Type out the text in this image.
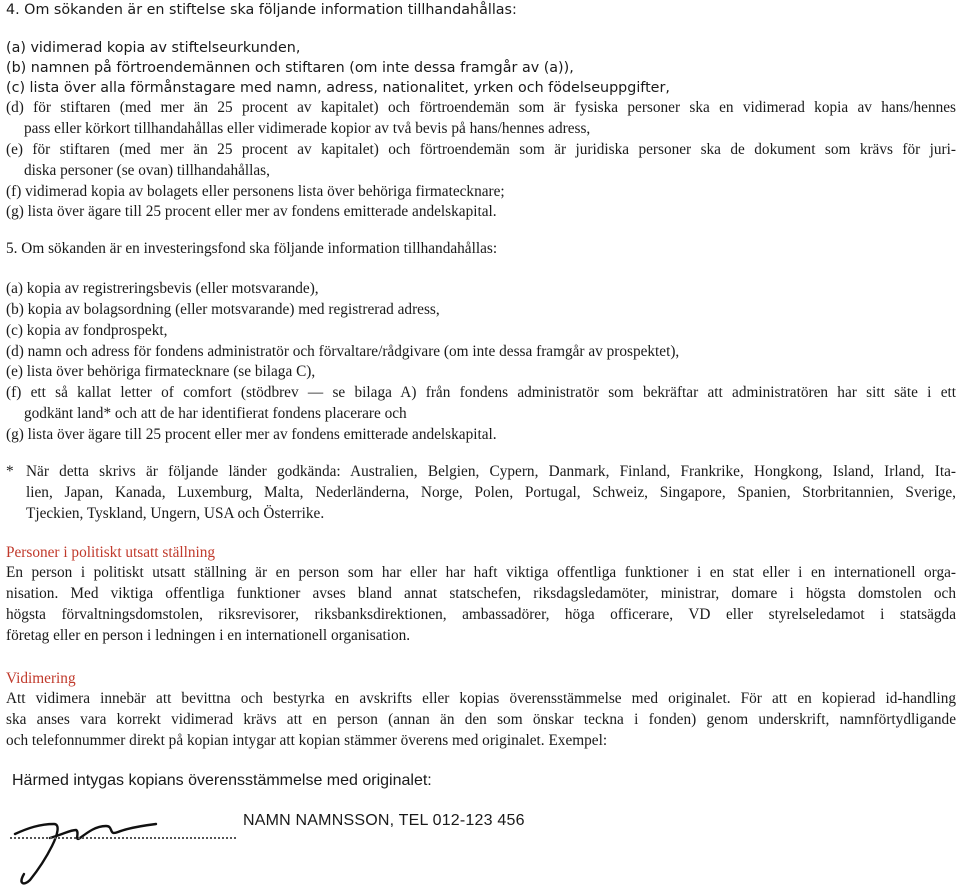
4. Om sökanden är en stiftelse ska följande information tillhandahållas:
(a) vidimerad kopia av stiftelseurkunden,
(b) namnen på förtroendemännen och stiftaren (om inte dessa framgår av (a)),
(c) lista över alla förmånstagare med namn, adress, nationalitet, yrken och födelseuppgifter,
(d) för stiftaren (med mer än 25 procent av kapitalet) och förtroendemän som är fysiska personer ska en vidimerad kopia av hans/hennes
pass eller körkort tillhandahållas eller vidimerade kopior av två bevis på hans/hennes adress,
(e) för stiftaren (med mer än 25 procent av kapitalet) och förtroendemän som är juridiska personer ska de dokument som krävs för juri-
diska personer (se ovan) tillhandahållas,
(f) vidimerad kopia av bolagets eller personens lista över behöriga firmatecknare;
(g) lista över ägare till 25 procent eller mer av fondens emitterade andelskapital.
5. Om sökanden är en investeringsfond ska följande information tillhandahållas:
(a) kopia av registreringsbevis (eller motsvarande),
(b) kopia av bolagsordning (eller motsvarande) med registrerad adress,
(c) kopia av fondprospekt,
(d) namn och adress för fondens administratör och förvaltare/rådgivare (om inte dessa framgår av prospektet),
(e) lista över behöriga firmatecknare (se bilaga C),
(f) ett så kallat letter of comfort (stödbrev — se bilaga A) från fondens administratör som bekräftar att administratören har sitt säte i ett
godkänt land* och att de har identifierat fondens placerare och
(g) lista över ägare till 25 procent eller mer av fondens emitterade andelskapital.
* När detta skrivs är följande länder godkända: Australien, Belgien, Cypern, Danmark, Finland, Frankrike, Hongkong, Island, Irland, Ita-
lien, Japan, Kanada, Luxemburg, Malta, Nederländerna, Norge, Polen, Portugal, Schweiz, Singapore, Spanien, Storbritannien, Sverige,
Tjeckien, Tyskland, Ungern, USA och Österrike.
Personer i politiskt utsatt ställning
En person i politiskt utsatt ställning är en person som har eller har haft viktiga offentliga funktioner i en stat eller i en internationell orga-
nisation. Med viktiga offentliga funktioner avses bland annat statschefen, riksdagsledamöter, ministrar, domare i högsta domstolen och
högsta förvaltningsdomstolen, riksrevisorer, riksbanksdirektionen, ambassadörer, höga officerare, VD eller styrelseledamot i statsägda
företag eller en person i ledningen i en internationell organisation.
Vidimering
Att vidimera innebär att bevittna och bestyrka en avskrifts eller kopias överensstämmelse med originalet. För att en kopierad id-handling
ska anses vara korrekt vidimerad krävs att en person (annan än den som önskar teckna i fonden) genom underskrift, namnförtydligande
och telefonnummer direkt på kopian intygar att kopian stämmer överens med originalet. Exempel:
Härmed intygas kopians överensstämmelse med originalet:
NAMN NAMNSSON, TEL 012-123 456
